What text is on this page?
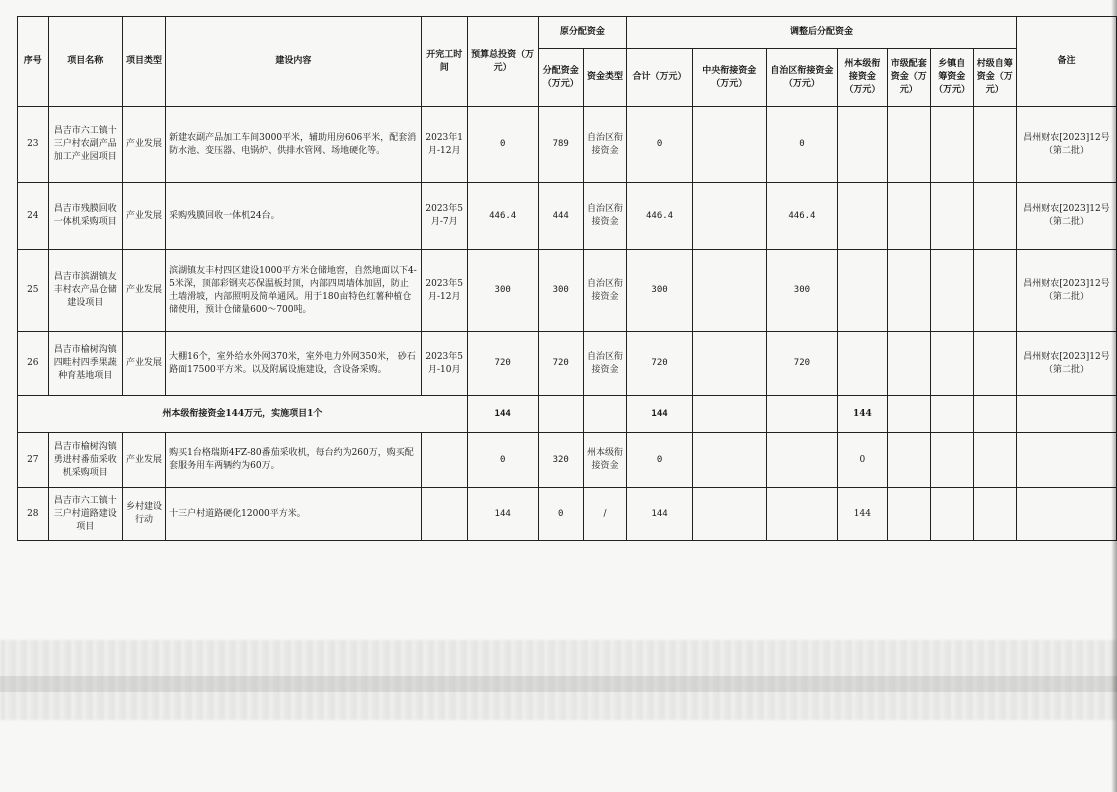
序号	项目名称	项目类型	建设内容	开完工时间	预算总投资（万元）	原分配资金		调整后分配资金							备注
						分配资金（万元）	资金类型	合计（万元）	中央衔接资金（万元）	自治区衔接资金（万元）	州本级衔接资金（万元）	市级配套资金（万元）	乡镇自筹资金（万元）	村级自筹资金（万元）	
23	昌吉市六工镇十三户村农副产品加工产业园项目	产业发展	新建农副产品加工车间3000平米，辅助用房606平米，配套消防水池、变压器、电锅炉、供排水管网、场地硬化等。	2023年1月-12月	0	789	自治区衔接资金	0		0					昌州财农[2023]12号（第二批）
24	昌吉市残膜回收一体机采购项目	产业发展	采购残膜回收一体机24台。	2023年5月-7月	446.4	444	自治区衔接资金	446.4		446.4					昌州财农[2023]12号（第二批）
25	昌吉市滨湖镇友丰村农产品仓储建设项目	产业发展	滨湖镇友丰村四区建设1000平方米仓储地窖，自然地面以下4-5米深，顶部彩钢夹芯保温板封顶，内部四周墙体加固，防止土墙滑坡，内部照明及简单通风。用于180亩特色红薯种植仓储使用，预计仓储量600～700吨。	2023年5月-12月	300	300	自治区衔接资金	300		300					昌州财农[2023]12号（第二批）
26	昌吉市榆树沟镇四畦村四季果蔬种育基地项目	产业发展	大棚16个，室外给水外网370米，室外电力外网350米， 砂石路面17500平方米。以及附属设施建设，含设备采购。	2023年5月-10月	720	720	自治区衔接资金	720		720					昌州财农[2023]12号（第二批）
州本级衔接资金144万元，实施项目1个					144			144			144				
27	昌吉市榆树沟镇勇进村番茄采收机采购项目	产业发展	购买1台格瑞斯4FZ-80番茄采收机，每台约为260万，购买配套服务用车两辆约为60万。		0	320	州本级衔接资金	0			0				
28	昌吉市六工镇十三户村道路建设项目	乡村建设行动	十三户村道路硬化12000平方米。		144	0	/	144			144				
